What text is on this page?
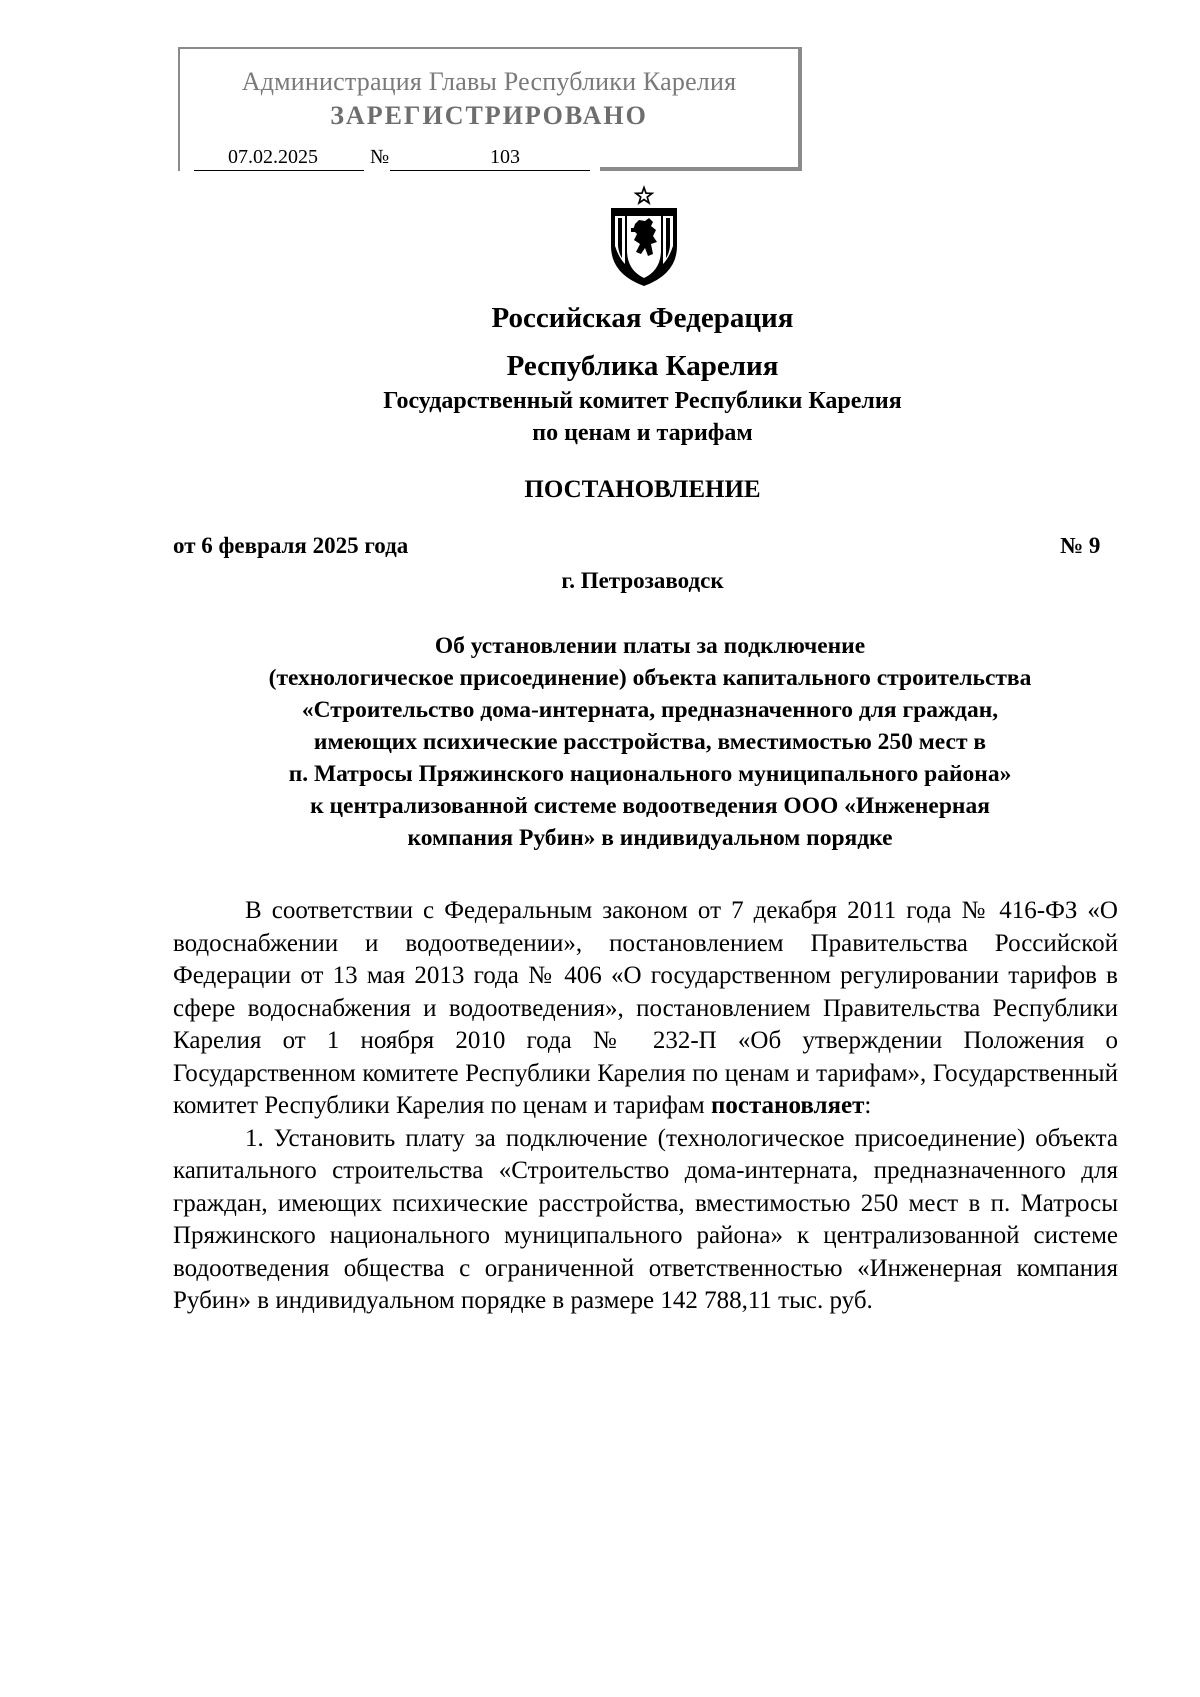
Администрация Главы Республики Карелия
ЗАРЕГИСТРИРОВАНО
07.02.2025	№	103
Российская Федерация
Республика Карелия
Государственный комитет Республики Карелия
по ценам и тарифам
ПОСТАНОВЛЕНИЕ
от 6 февраля 2025 года	№ 9
г. Петрозаводск
Об установлении платы за подключение
(технологическое присоединение) объекта капитального строительства
«Строительство дома-интерната, предназначенного для граждан,
имеющих психические расстройства, вместимостью 250 мест в
п. Матросы Пряжинского национального муниципального района»
к централизованной системе водоотведения ООО «Инженерная
компания Рубин» в индивидуальном порядке

В соответствии с Федеральным законом от 7 декабря 2011 года № 416-ФЗ «О водоснабжении и водоотведении», постановлением Правительства Российской Федерации от 13 мая 2013 года № 406 «О государственном регулировании тарифов в сфере водоснабжения и водоотведения», постановлением Правительства Республики Карелия от 1 ноября 2010 года № 232-П «Об утверждении Положения о Государственном комитете Республики Карелия по ценам и тарифам», Государственный комитет Республики Карелия по ценам и тарифам постановляет:

1. Установить плату за подключение (технологическое присоединение) объекта капитального строительства «Строительство дома-интерната, предназначенного для граждан, имеющих психические расстройства, вместимостью 250 мест в п. Матросы Пряжинского национального муниципального района» к централизованной системе водоотведения общества с ограниченной ответственностью «Инженерная компания Рубин» в индивидуальном порядке в размере 142 788,11 тыс. руб.
